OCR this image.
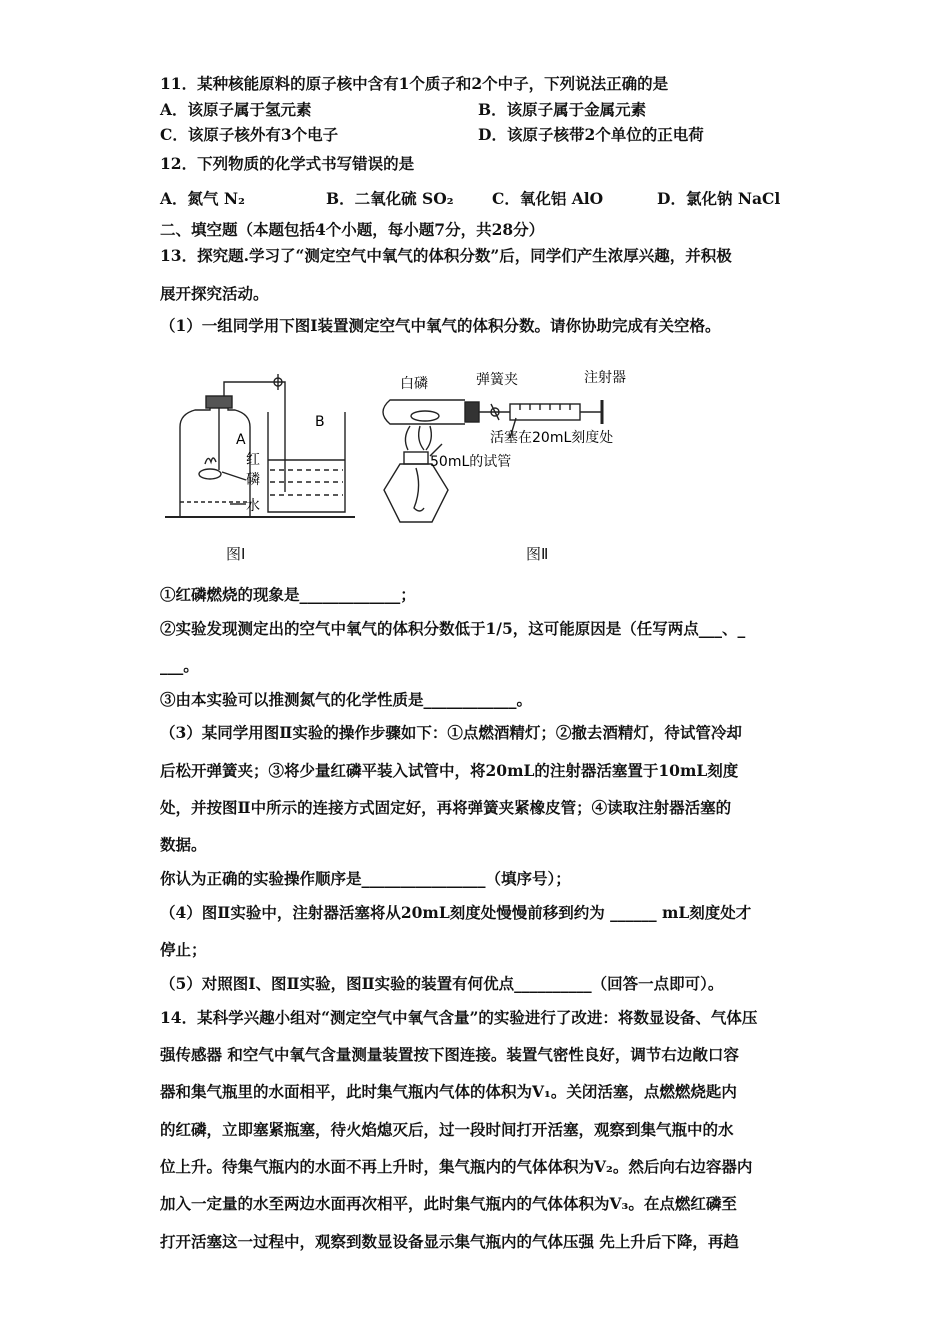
11．某种核能原料的原子核中含有1个质子和2个中子，下列说法正确的是
A．该原子属于氢元素	B．该原子属于金属元素
C．该原子核外有3个电子	D．该原子核带2个单位的正电荷
12．下列物质的化学式书写错误的是
A．氮气 N₂	B．二氧化硫 SO₂ C．氧化铝 AlO	D．氯化钠 NaCl
二、填空题（本题包括4个小题，每小题7分，共28分）
13．探究题.学习了“测定空气中氧气的体积分数”后，同学们产生浓厚兴趣，并积极
展开探究活动。
（1）一组同学用下图Ⅰ装置测定空气中氧气的体积分数。请你协助完成有关空格。
A
B
红
磷
水
图Ⅰ
白磷	弹簧夹	注射器
活塞在20mL刻度处
50mL的试管
图Ⅱ
①红磷燃烧的现象是_____________；
②实验发现测定出的空气中氧气的体积分数低于1/5，这可能原因是（任写两点___、_
___。
③由本实验可以推测氮气的化学性质是____________。
（3）某同学用图Ⅱ实验的操作步骤如下：①点燃酒精灯；②撤去酒精灯，待试管冷却
后松开弹簧夹；③将少量红磷平装入试管中，将20mL的注射器活塞置于10mL刻度
处，并按图Ⅱ中所示的连接方式固定好，再将弹簧夹紧橡皮管；④读取注射器活塞的
数据。
你认为正确的实验操作顺序是________________（填序号）；
（4）图Ⅱ实验中，注射器活塞将从20mL刻度处慢慢前移到约为 ______ mL刻度处才
停止；
（5）对照图Ⅰ、图Ⅱ实验，图Ⅱ实验的装置有何优点__________（回答一点即可）。
14．某科学兴趣小组对“测定空气中氧气含量”的实验进行了改进：将数显设备、气体压
强传感器 和空气中氧气含量测量装置按下图连接。装置气密性良好，调节右边敞口容
器和集气瓶里的水面相平，此时集气瓶内气体的体积为V₁。关闭活塞，点燃燃烧匙内
的红磷，立即塞紧瓶塞，待火焰熄灭后，过一段时间打开活塞，观察到集气瓶中的水
位上升。待集气瓶内的水面不再上升时，集气瓶内的气体体积为V₂。然后向右边容器内
加入一定量的水至两边水面再次相平，此时集气瓶内的气体体积为V₃。在点燃红磷至
打开活塞这一过程中，观察到数显设备显示集气瓶内的气体压强 先上升后下降，再趋
